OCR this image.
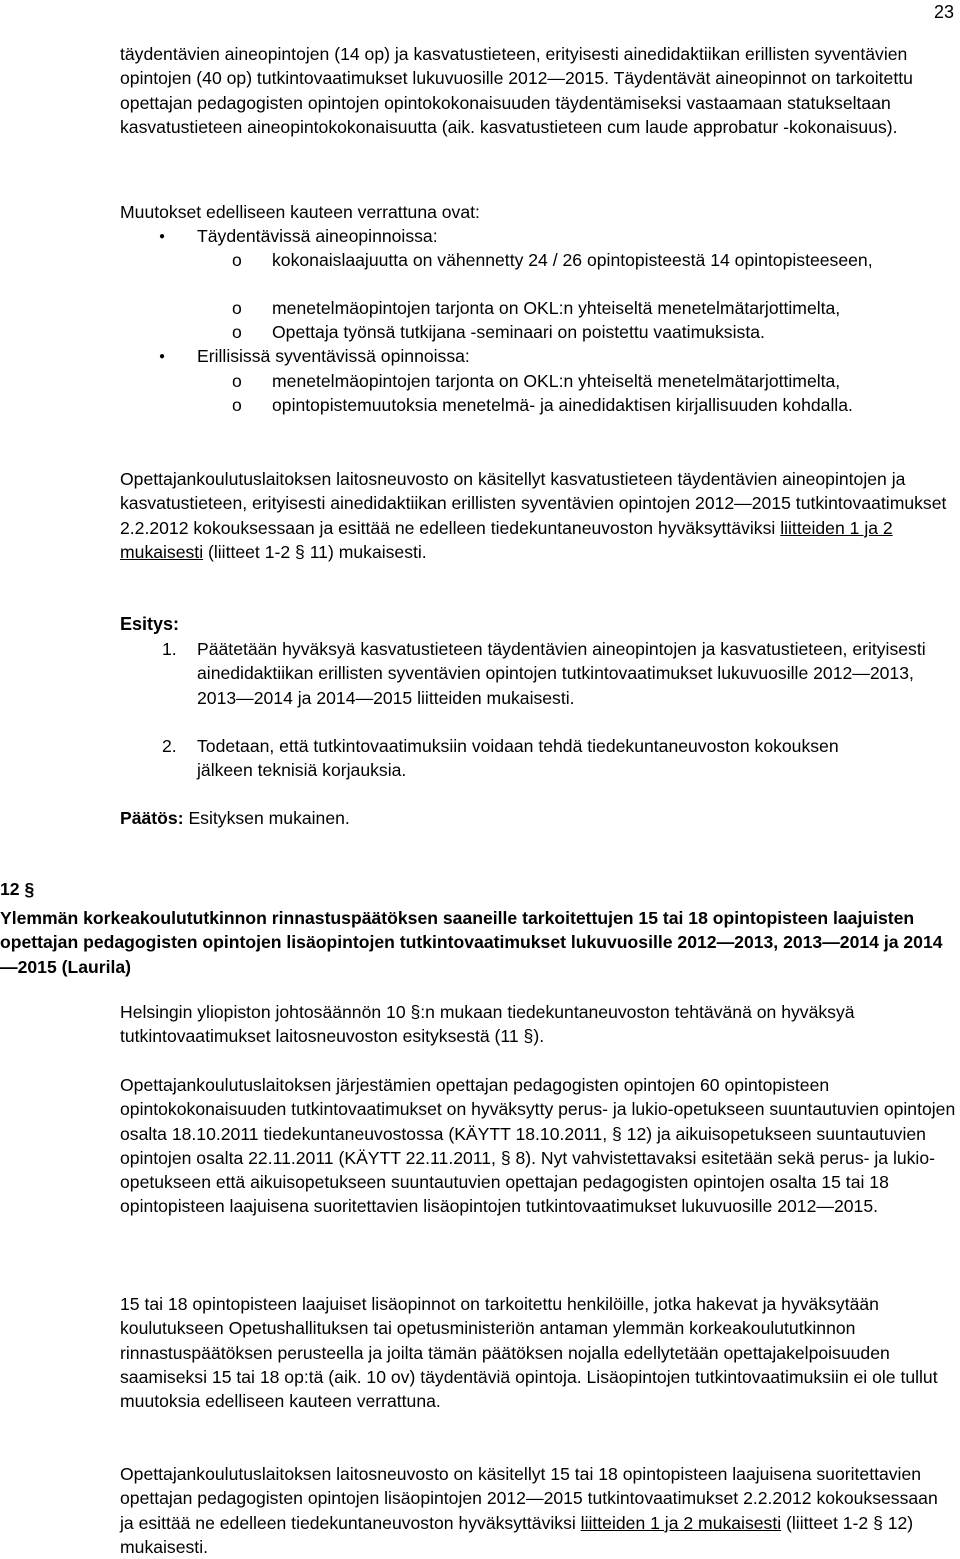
23

täydentävien aineopintojen (14 op) ja kasvatustieteen, erityisesti ainedidaktiikan erillisten syventävien opintojen (40 op) tutkintovaatimukset lukuvuosille 2012—2015. Täydentävät aineopinnot on tarkoitettu opettajan pedagogisten opintojen opintokokonaisuuden täydentämiseksi vastaamaan statukseltaan kasvatustieteen aineopintokokonaisuutta (aik. kasvatustieteen cum laude approbatur -kokonaisuus).

Muutokset edelliseen kauteen verrattuna ovat:

● Täydentävissä aineopinnoissa:

o kokonaislaajuutta on vähennetty 24 / 26 opintopisteestä 14 opintopisteeseen,

o menetelmäopintojen tarjonta on OKL:n yhteiseltä menetelmätarjottimelta,

o Opettaja työnsä tutkijana -seminaari on poistettu vaatimuksista.

● Erillisissä syventävissä opinnoissa:

o menetelmäopintojen tarjonta on OKL:n yhteiseltä menetelmätarjottimelta,

o opintopistemuutoksia menetelmä- ja ainedidaktisen kirjallisuuden kohdalla.

Opettajankoulutuslaitoksen laitosneuvosto on käsitellyt kasvatustieteen täydentävien aineopintojen ja kasvatustieteen, erityisesti ainedidaktiikan erillisten syventävien opintojen 2012—2015 tutkintovaatimukset 2.2.2012 kokouksessaan ja esittää ne edelleen tiedekuntaneuvoston hyväksyttäviksi liitteiden 1 ja 2 mukaisesti (liitteet 1-2 § 11) mukaisesti.

Esitys:

1. Päätetään hyväksyä kasvatustieteen täydentävien aineopintojen ja kasvatustieteen, erityisesti ainedidaktiikan erillisten syventävien opintojen tutkintovaatimukset lukuvuosille 2012—2013, 2013—2014 ja 2014—2015 liitteiden mukaisesti.

2. Todetaan, että tutkintovaatimuksiin voidaan tehdä tiedekuntaneuvoston kokouksen jälkeen teknisiä korjauksia.

Päätös: Esityksen mukainen.

12 §
Ylemmän korkeakoulututkinnon rinnastuspäätöksen saaneille tarkoitettujen 15 tai 18 opintopisteen laajuisten opettajan pedagogisten opintojen lisäopintojen tutkintovaatimukset lukuvuosille 2012—2013, 2013—2014 ja 2014—2015 (Laurila)

Helsingin yliopiston johtosäännön 10 §:n mukaan tiedekuntaneuvoston tehtävänä on hyväksyä tutkintovaatimukset laitosneuvoston esityksestä (11 §).

Opettajankoulutuslaitoksen järjestämien opettajan pedagogisten opintojen 60 opintopisteen opintokokonaisuuden tutkintovaatimukset on hyväksytty perus- ja lukio-opetukseen suuntautuvien opintojen osalta 18.10.2011 tiedekuntaneuvostossa (KÄYTT 18.10.2011, § 12) ja aikuisopetukseen suuntautuvien opintojen osalta 22.11.2011 (KÄYTT 22.11.2011, § 8). Nyt vahvistettavaksi esitetään sekä perus- ja lukio-opetukseen että aikuisopetukseen suuntautuvien opettajan pedagogisten opintojen osalta 15 tai 18 opintopisteen laajuisena suoritettavien lisäopintojen tutkintovaatimukset lukuvuosille 2012—2015.

15 tai 18 opintopisteen laajuiset lisäopinnot on tarkoitettu henkilöille, jotka hakevat ja hyväksytään koulutukseen Opetushallituksen tai opetusministeriön antaman ylemmän korkeakoulututkinnon rinnastuspäätöksen perusteella ja joilta tämän päätöksen nojalla edellytetään opettajakelpoisuuden saamiseksi 15 tai 18 op:tä (aik. 10 ov) täydentäviä opintoja. Lisäopintojen tutkintovaatimuksiin ei ole tullut muutoksia edelliseen kauteen verrattuna.

Opettajankoulutuslaitoksen laitosneuvosto on käsitellyt 15 tai 18 opintopisteen laajuisena suoritettavien opettajan pedagogisten opintojen lisäopintojen 2012—2015 tutkintovaatimukset 2.2.2012 kokouksessaan ja esittää ne edelleen tiedekuntaneuvoston hyväksyttäviksi liitteiden 1 ja 2 mukaisesti (liitteet 1-2 § 12) mukaisesti.
